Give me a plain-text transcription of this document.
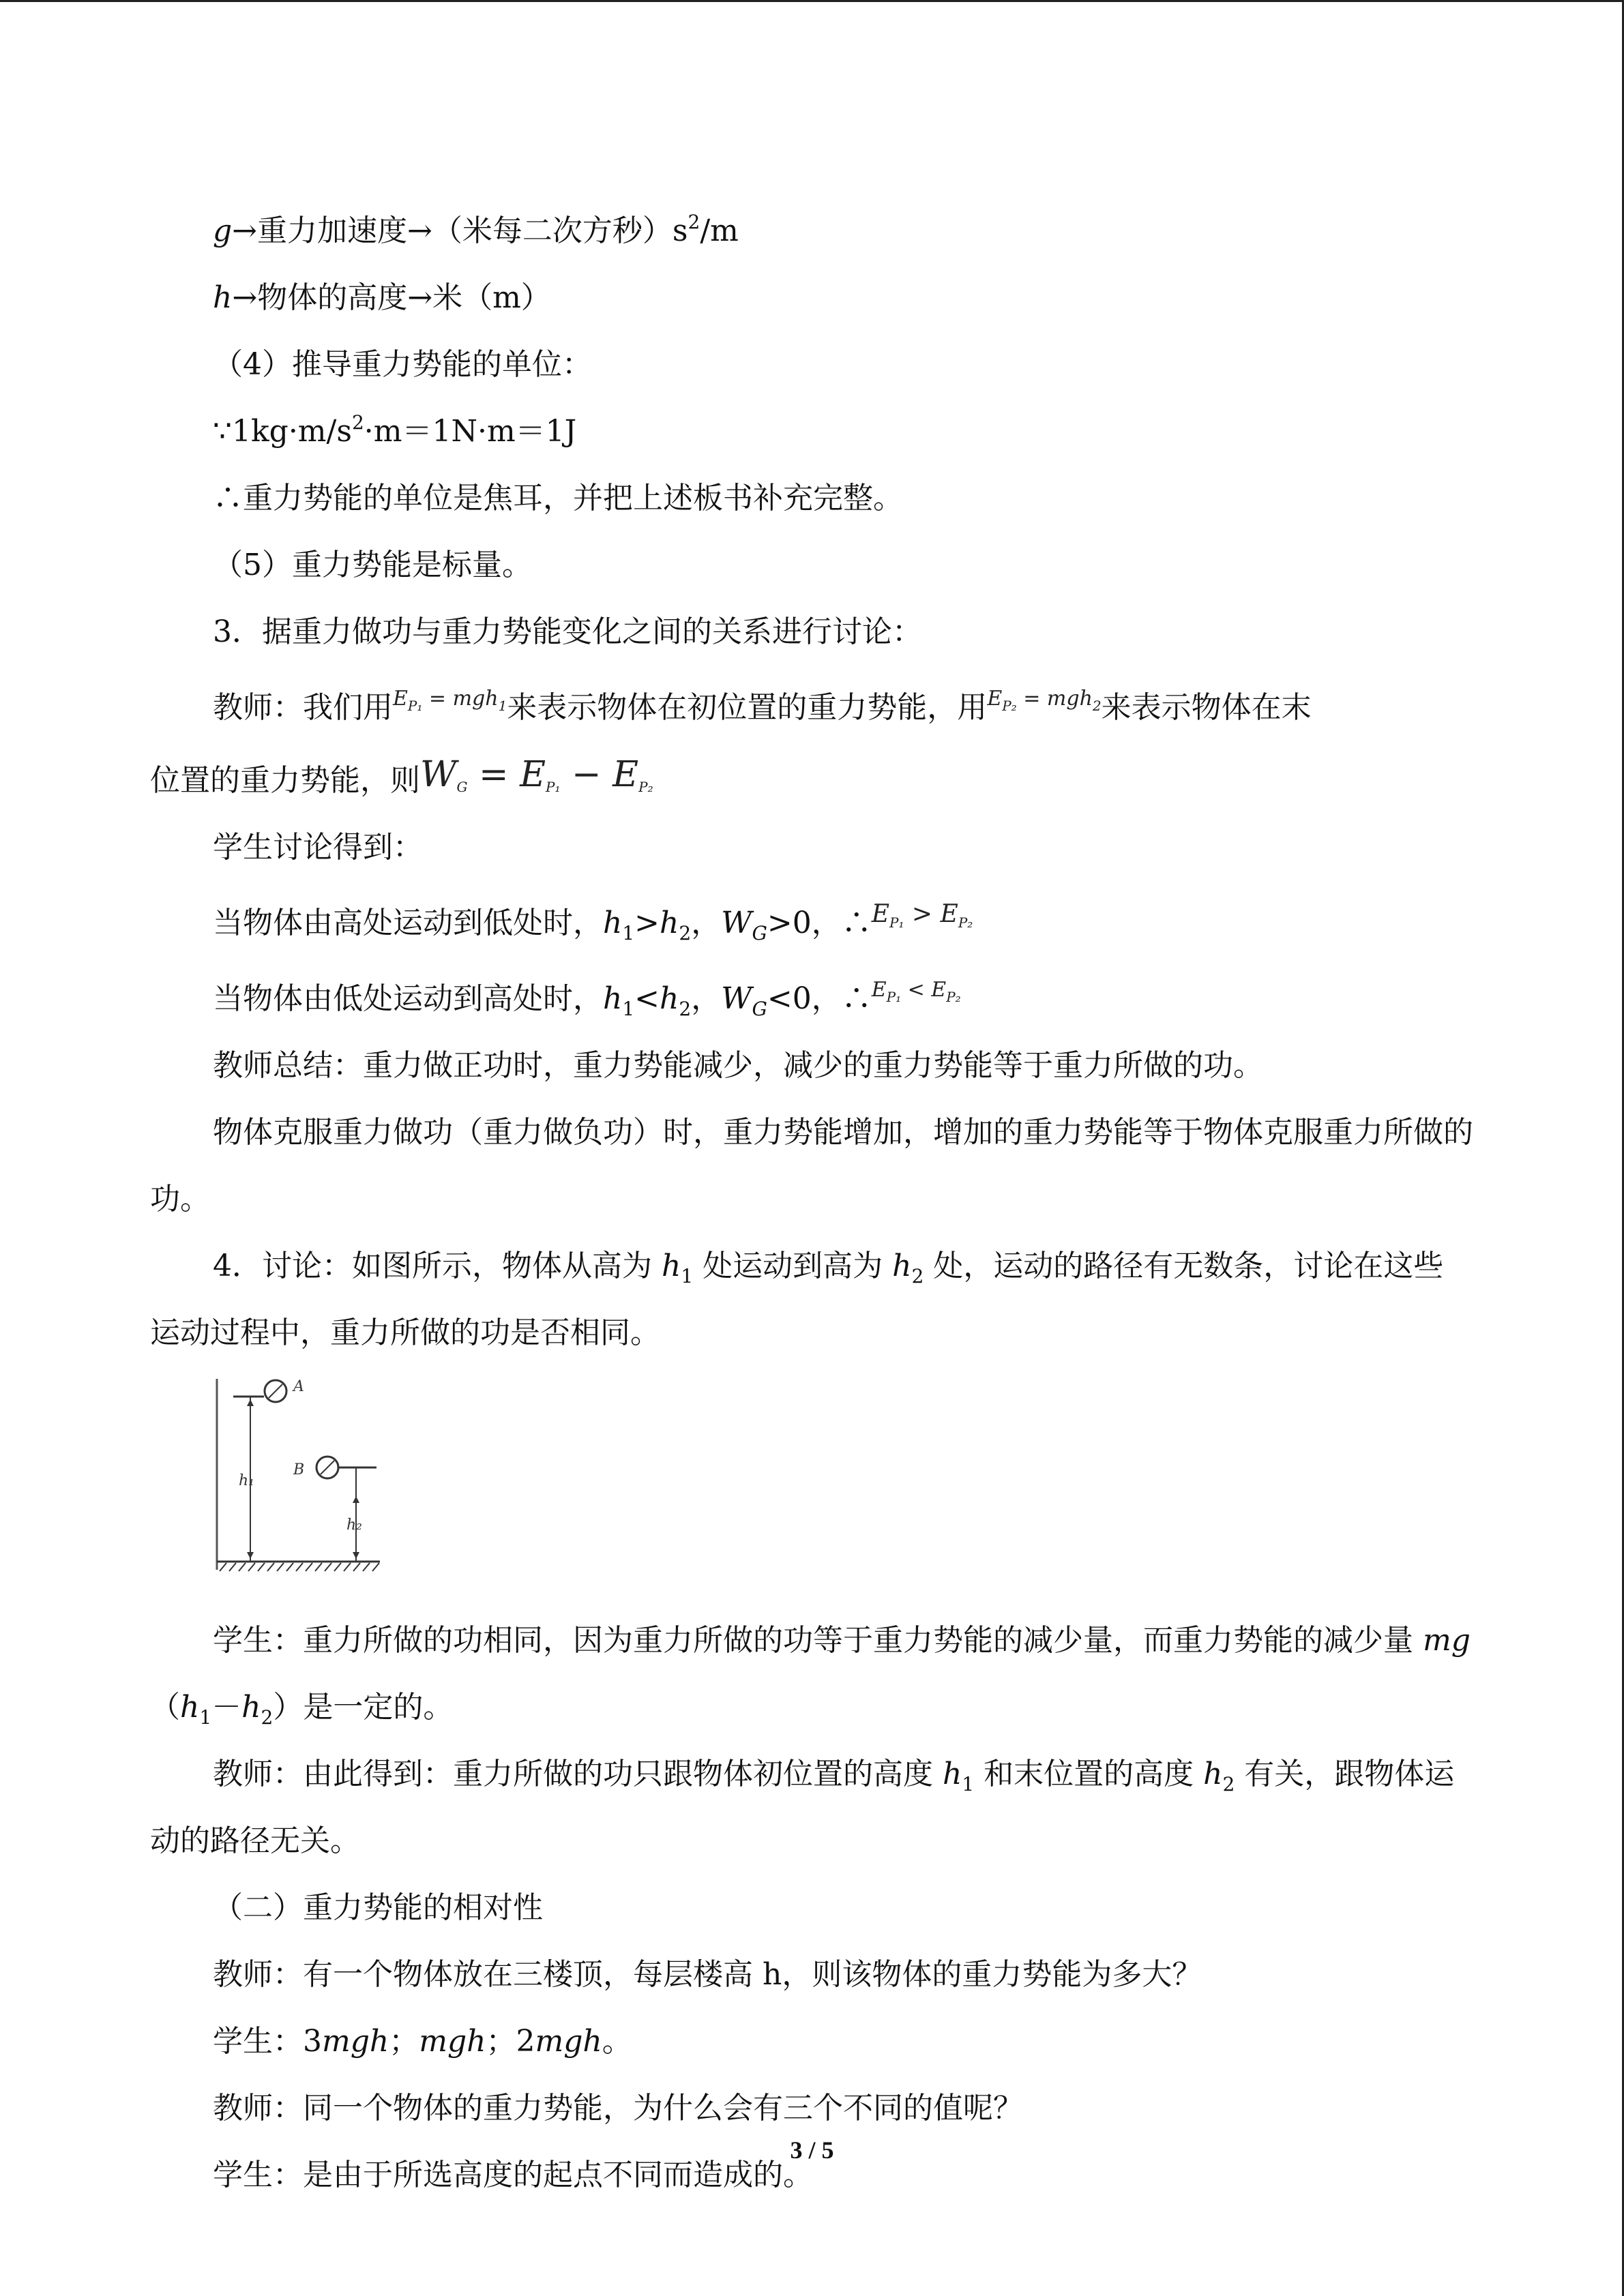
g→重力加速度→（米每二次方秒）$s^2/m$

h→物体的高度→米（m）

（4）推导重力势能的单位：

$\because 1kg\cdot m/s^2\cdot m=1N\cdot m=1J$

∴重力势能的单位是焦耳，并把上述板书补充完整。

（5）重力势能是标量。

3．据重力做功与重力势能变化之间的关系进行讨论：

教师：我们用$E_{P_1} = mgh_1$来表示物体在初位置的重力势能，用$E_{P_2} = mgh_2$来表示物体在末

位置的重力势能，则$W_G = E_{P_1} - E_{P_2}$

学生讨论得到：

当物体由高处运动到低处时，$h_1>h_2$，$W_G>0$，$\therefore E_{P_1} > E_{P_2}$

当物体由低处运动到高处时，$h_1<h_2$，$W_G<0$，$\therefore E_{P_1} < E_{P_2}$

教师总结：重力做正功时，重力势能减少，减少的重力势能等于重力所做的功。

物体克服重力做功（重力做负功）时，重力势能增加，增加的重力势能等于物体克服重力所做的功。

4．讨论：如图所示，物体从高为 $h_1$ 处运动到高为 $h_2$ 处，运动的路径有无数条，讨论在这些运动过程中，重力所做的功是否相同。

A
B
h₁
h₂

学生：重力所做的功相同，因为重力所做的功等于重力势能的减少量，而重力势能的减少量 $mg(h_1-h_2)$是一定的。

教师：由此得到：重力所做的功只跟物体初位置的高度 $h_1$ 和末位置的高度 $h_2$ 有关，跟物体运动的路径无关。

（二）重力势能的相对性

教师：有一个物体放在三楼顶，每层楼高 h，则该物体的重力势能为多大？

学生：3mgh；mgh；2mgh。

教师：同一个物体的重力势能，为什么会有三个不同的值呢？

学生：是由于所选高度的起点不同而造成的。

3 / 5
